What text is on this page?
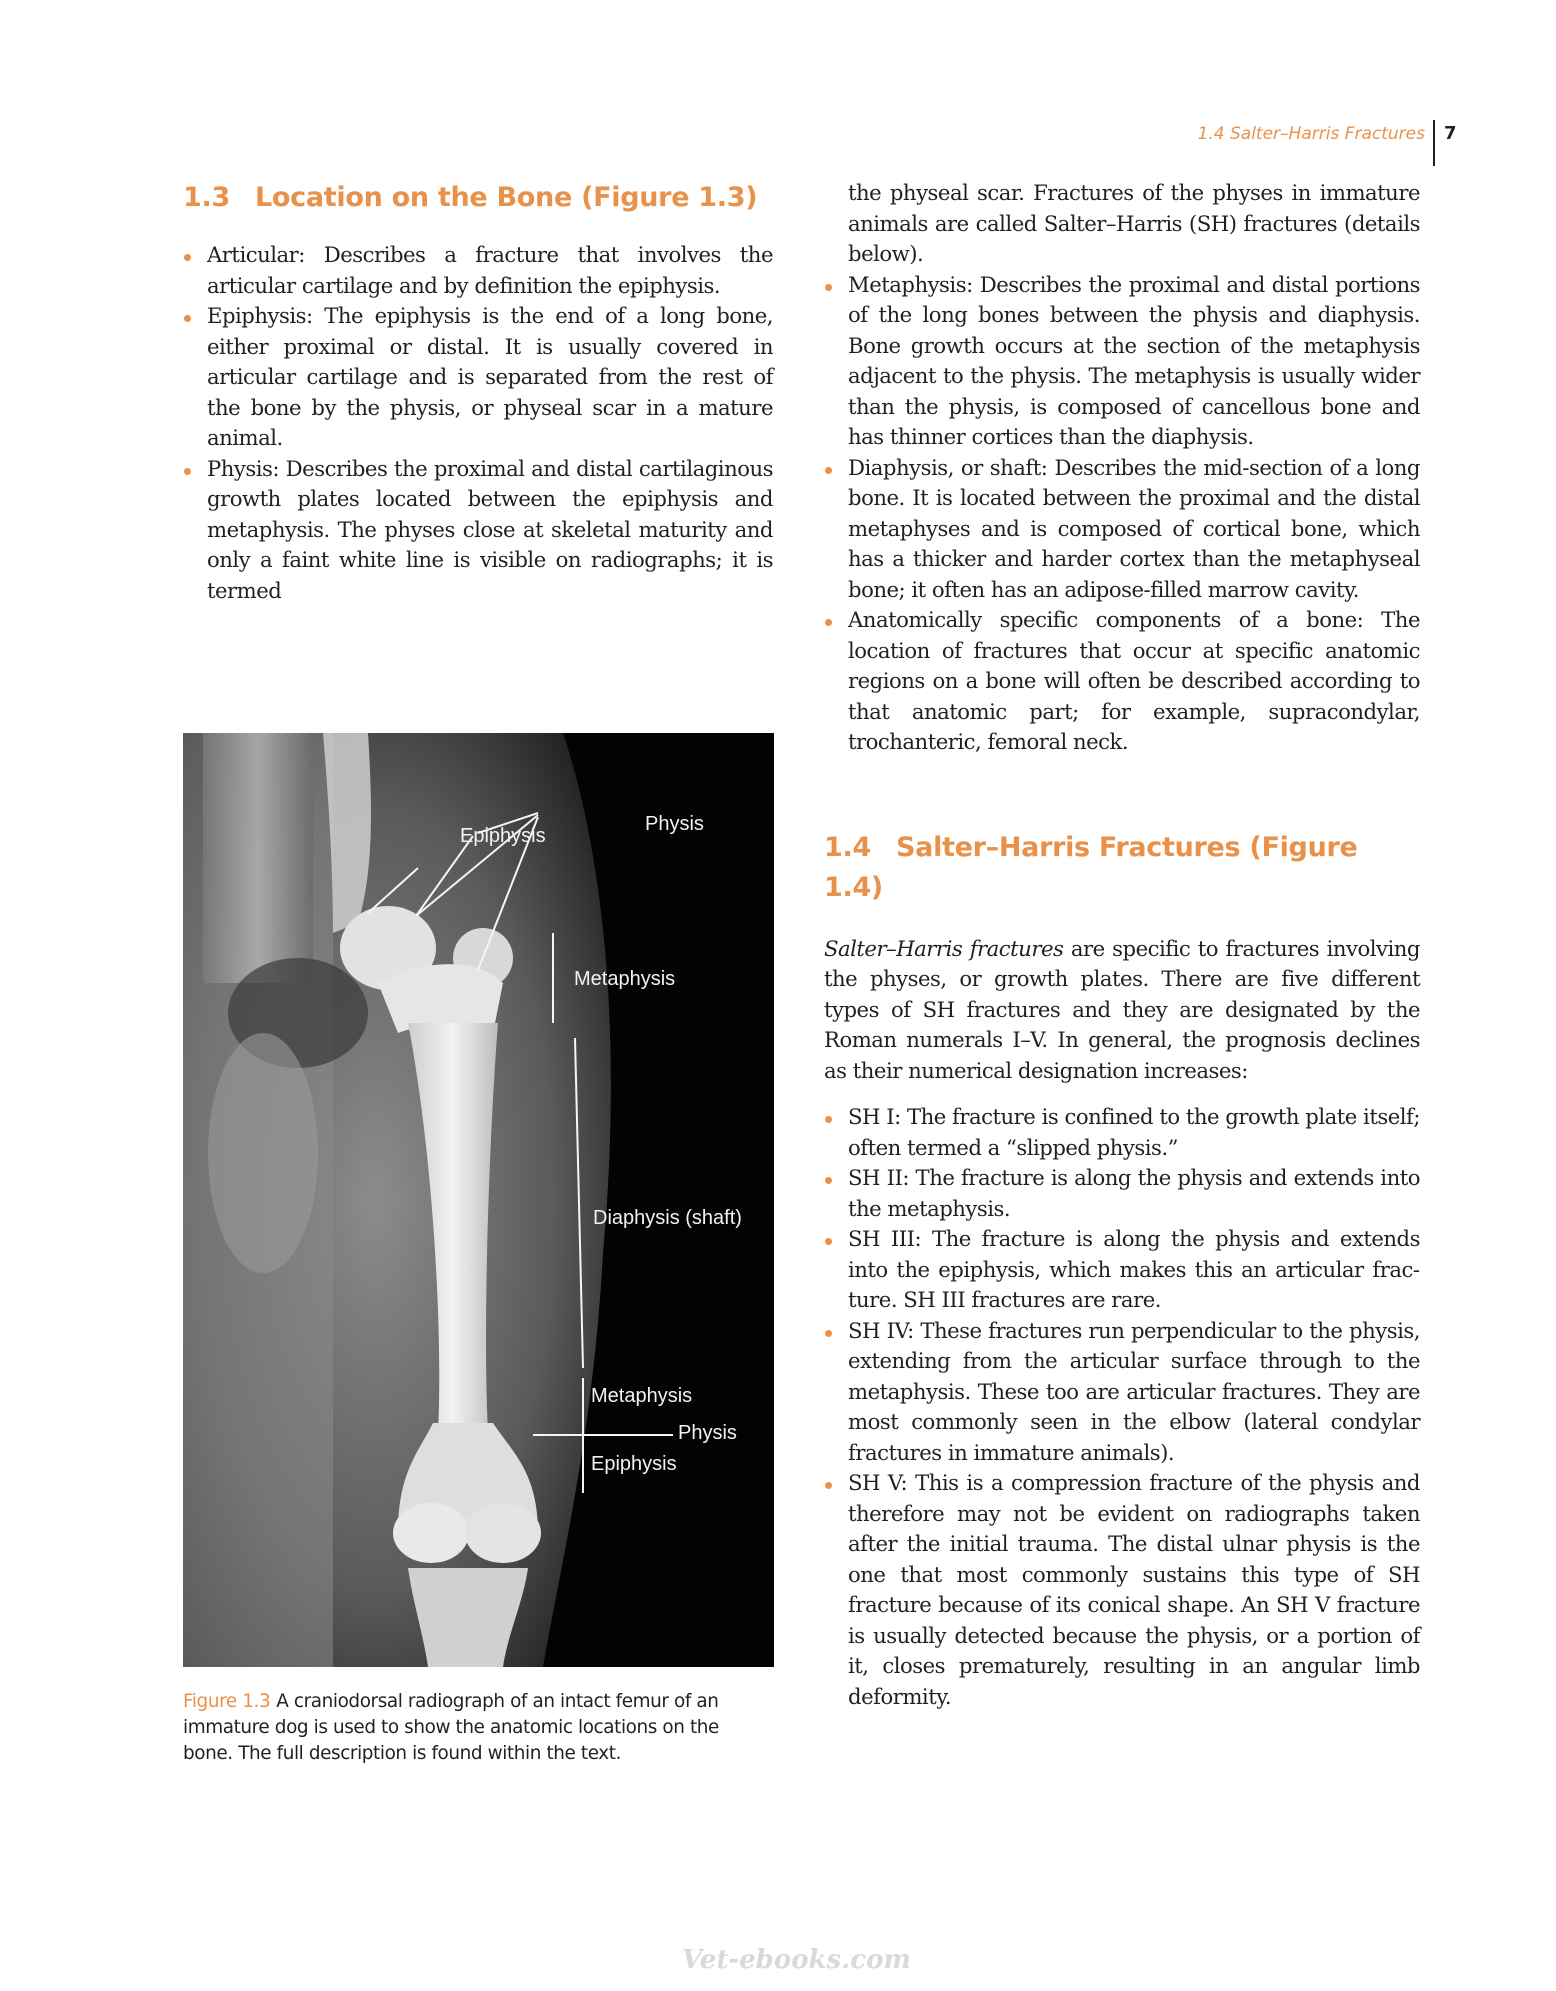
1.4 Salter–Harris Fractures 7
1.3 Location on the Bone (Figure 1.3)
Articular: Describes a fracture that involves the articular cartilage and by definition the epiphysis.
Epiphysis: The epiphysis is the end of a long bone, either proximal or distal. It is usually covered in articular cartilage and is separated from the rest of the bone by the physis, or physeal scar in a mature animal.
Physis: Describes the proximal and distal cartilaginous growth plates located between the epiphysis and metaphysis. The physes close at skeletal maturity and only a faint white line is visible on radiographs; it is termed
Epiphysis
Physis
Metaphysis
Diaphysis (shaft)
Metaphysis
Physis
Epiphysis
Figure 1.3 A craniodorsal radiograph of an intact femur of an immature dog is used to show the anatomic locations on the bone. The full description is found within the text.

the physeal scar. Fractures of the physes in immature animals are called Salter–Harris (SH) fractures (details below).

Metaphysis: Describes the proximal and distal portions of the long bones between the physis and diaphysis. Bone growth occurs at the section of the metaphysis adjacent to the physis. The metaphysis is usually wider than the physis, is composed of cancellous bone and has thinner cortices than the diaphysis.
Diaphysis, or shaft: Describes the mid-section of a long bone. It is located between the proximal and the distal metaphyses and is composed of cortical bone, which has a thicker and harder cortex than the metaphyseal bone; it often has an adipose-filled marrow cavity.
Anatomically specific components of a bone: The location of fractures that occur at specific anatomic regions on a bone will often be described according to that anatomic part; for example, supracondylar, trochanteric, femoral neck.
1.4 Salter–Harris Fractures (Figure 1.4)

Salter–Harris fractures are specific to fractures involving the physes, or growth plates. There are five different types of SH fractures and they are designated by the Roman numerals I–V. In general, the prognosis declines as their numerical designation increases:

SH I: The fracture is confined to the growth plate itself; often termed a “slipped physis.”
SH II: The fracture is along the physis and extends into the metaphysis.
SH III: The fracture is along the physis and extends into the epiphysis, which makes this an articular fracture. SH III fractures are rare.
SH IV: These fractures run perpendicular to the physis, extending from the articular surface through to the metaphysis. These too are articular fractures. They are most commonly seen in the elbow (lateral condylar fractures in immature animals).
SH V: This is a compression fracture of the physis and therefore may not be evident on radiographs taken after the initial trauma. The distal ulnar physis is the one that most commonly sustains this type of SH fracture because of its conical shape. An SH V fracture is usually detected because the physis, or a portion of it, closes prematurely, resulting in an angular limb deformity.
Vet-ebooks.com
